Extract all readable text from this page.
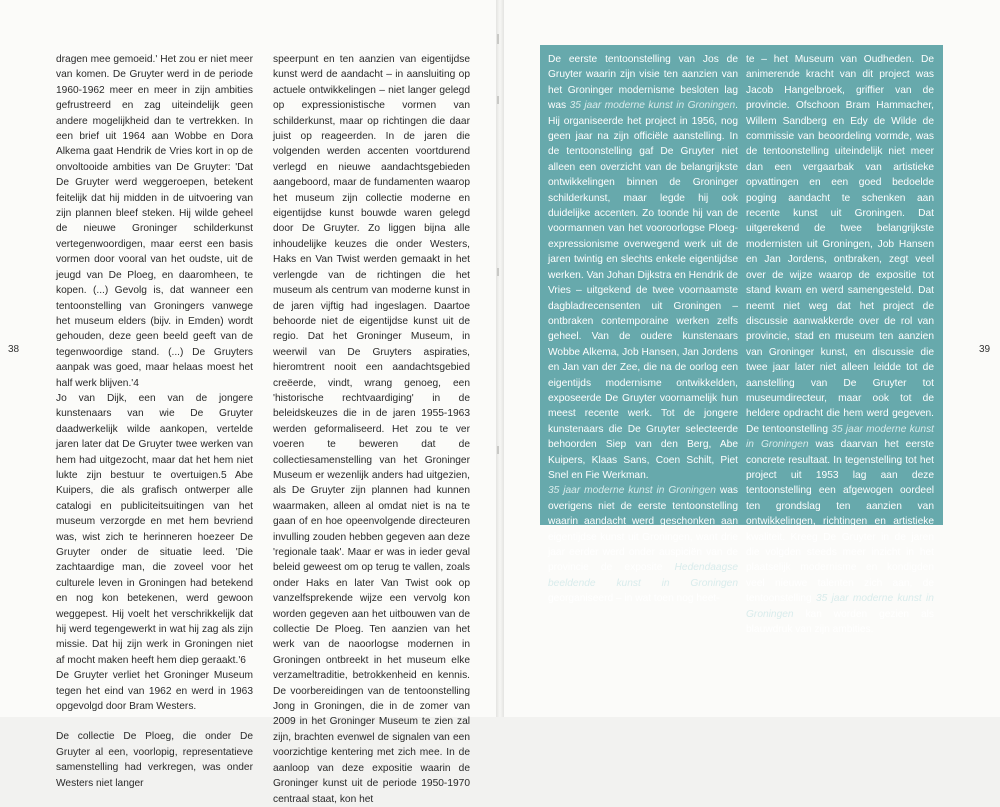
dragen mee gemoeid.' Het zou er niet meer van komen. De Gruyter werd in de periode 1960-1962 meer en meer in zijn ambities gefrustreerd en zag uiteindelijk geen andere mogelijkheid dan te vertrekken. In een brief uit 1964 aan Wobbe en Dora Alkema gaat Hendrik de Vries kort in op de onvoltooide ambities van De Gruyter: 'Dat De Gruyter werd weggeroepen, betekent feitelijk dat hij midden in de uitvoering van zijn plannen bleef steken. Hij wilde geheel de nieuwe Groninger schilderkunst vertegenwoordigen, maar eerst een basis vormen door vooral van het oudste, uit de jeugd van De Ploeg, en daaromheen, te kopen. (...) Gevolg is, dat wanneer een tentoonstelling van Groningers vanwege het museum elders (bijv. in Emden) wordt gehouden, deze geen beeld geeft van de tegenwoordige stand. (...) De Gruyters aanpak was goed, maar helaas moest het half werk blijven.'4

Jo van Dijk, een van de jongere kunstenaars van wie De Gruyter daadwerkelijk wilde aankopen, vertelde jaren later dat De Gruyter twee werken van hem had uitgezocht, maar dat het hem niet lukte zijn bestuur te overtuigen.5 Abe Kuipers, die als grafisch ontwerper alle catalogi en publiciteitsuitingen van het museum verzorgde en met hem bevriend was, wist zich te herinneren hoezeer De Gruyter onder de situatie leed. 'Die zachtaardige man, die zoveel voor het culturele leven in Groningen had betekend en nog kon betekenen, werd gewoon weggepest. Hij voelt het verschrikkelijk dat hij werd tegengewerkt in wat hij zag als zijn missie. Dat hij zijn werk in Groningen niet af mocht maken heeft hem diep geraakt.'6

De Gruyter verliet het Groninger Museum tegen het eind van 1962 en werd in 1963 opgevolgd door Bram Westers.

De collectie De Ploeg, die onder De Gruyter al een, voorlopig, representatieve samenstelling had verkregen, was onder Westers niet langer

speerpunt en ten aanzien van eigentijdse kunst werd de aandacht – in aansluiting op actuele ontwikkelingen – niet langer gelegd op expressionistische vormen van schilderkunst, maar op richtingen die daar juist op reageerden. In de jaren die volgenden werden accenten voortdurend verlegd en nieuwe aandachtsgebieden aangeboord, maar de fundamenten waarop het museum zijn collectie moderne en eigentijdse kunst bouwde waren gelegd door De Gruyter. Zo liggen bijna alle inhoudelijke keuzes die onder Westers, Haks en Van Twist werden gemaakt in het verlengde van de richtingen die het museum als centrum van moderne kunst in de jaren vijftig had ingeslagen. Daartoe behoorde niet de eigentijdse kunst uit de regio. Dat het Groninger Museum, in weerwil van De Gruyters aspiraties, hieromtrent nooit een aandachtsgebied creëerde, vindt, wrang genoeg, een 'historische rechtvaardiging' in de beleidskeuzes die in de jaren 1955-1963 werden geformaliseerd. Het zou te ver voeren te beweren dat de collectiesamenstelling van het Groninger Museum er wezenlijk anders had uitgezien, als De Gruyter zijn plannen had kunnen waarmaken, alleen al omdat niet is na te gaan of en hoe opeenvolgende directeuren invulling zouden hebben gegeven aan deze 'regionale taak'. Maar er was in ieder geval beleid geweest om op terug te vallen, zoals onder Haks en later Van Twist ook op vanzelfsprekende wijze een vervolg kon worden gegeven aan het uitbouwen van de collectie De Ploeg. Ten aanzien van het werk van de naoorlogse modernen in Groningen ontbreekt in het museum elke verzameltraditie, betrokkenheid en kennis. De voorbereidingen van de tentoonstelling Jong in Groningen, die in de zomer van 2009 in het Groninger Museum te zien zal zijn, brachten evenwel de signalen van een voorzichtige kentering met zich mee. In de aanloop van deze expositie waarin de Groninger kunst uit de periode 1950-1970 centraal staat, kon het

De eerste tentoonstelling van Jos de Gruyter waarin zijn visie ten aanzien van het Groninger modernisme besloten lag was 35 jaar moderne kunst in Groningen. Hij organiseerde het project in 1956, nog geen jaar na zijn officiële aanstelling. In de tentoonstelling gaf De Gruyter niet alleen een overzicht van de belangrijkste ontwikkelingen binnen de Groninger schilderkunst, maar legde hij ook duidelijke accenten. Zo toonde hij van de voormannen van het vooroorlogse Ploeg-expressionisme overwegend werk uit de jaren twintig en slechts enkele eigentijdse werken. Van Johan Dijkstra en Hendrik de Vries – uitgekend de twee voornaamste dagbladrecensenten uit Groningen – ontbraken contemporaine werken zelfs geheel. Van de oudere kunstenaars Wobbe Alkema, Job Hansen, Jan Jordens en Jan van der Zee, die na de oorlog een eigentijds modernisme ontwikkelden, exposeerde De Gruyter voornamelijk hun meest recente werk. Tot de jongere kunstenaars die De Gruyter selecteerde behoorden Siep van den Berg, Abe Kuipers, Klaas Sans, Coen Schilt, Piet Snel en Fie Werkman.
35 jaar moderne kunst in Groningen was overigens niet de eerste tentoonstelling waarin aandacht werd geschonken aan eigentijdse kunst uit Groningen, want drie jaar eerder werd onder auspiciën van de provincie de exposite Hedendaagse beeldende kunst in Groningen georganiseerd – in wat toen nog heet-

te – het Museum van Oudheden. De animerende kracht van dit project was Jacob Hangelbroek, griffier van de provincie. Ofschoon Bram Hammacher, Willem Sandberg en Edy de Wilde de commissie van beoordeling vormde, was de tentoonstelling uiteindelijk niet meer dan een vergaarbak van artistieke opvattingen en een goed bedoelde poging aandacht te schenken aan recente kunst uit Groningen. Dat uitgerekend de twee belangrijkste modernisten uit Groningen, Job Hansen en Jan Jordens, ontbraken, zegt veel over de wijze waarop de expositie tot stand kwam en werd samengesteld. Dat neemt niet weg dat het project de discussie aanwakkerde over de rol van provincie, stad en museum ten aanzien van Groninger kunst, en discussie die twee jaar later niet alleen leidde tot de aanstelling van De Gruyter tot museumdirecteur, maar ook tot de heldere opdracht die hem werd gegeven. De tentoonstelling 35 jaar moderne kunst in Groningen was daarvan het eerste concrete resultaat. In tegenstelling tot het project uit 1953 lag aan deze tentoonstelling een afgewogen oordeel ten grondslag ten aanzien van ontwikkelingen, richtingen en artistieke kwaliteit. Kreeg De Gruyter in de jaren die volgden steeds meer inzicht in het plaatselijk modernisme en kondigden veel nieuwe talenten zich aan, de tentoonstelling 35 jaar moderne kunst in Groningen kan worden gezien als blauwdruk van zijn ambities.

38	39
